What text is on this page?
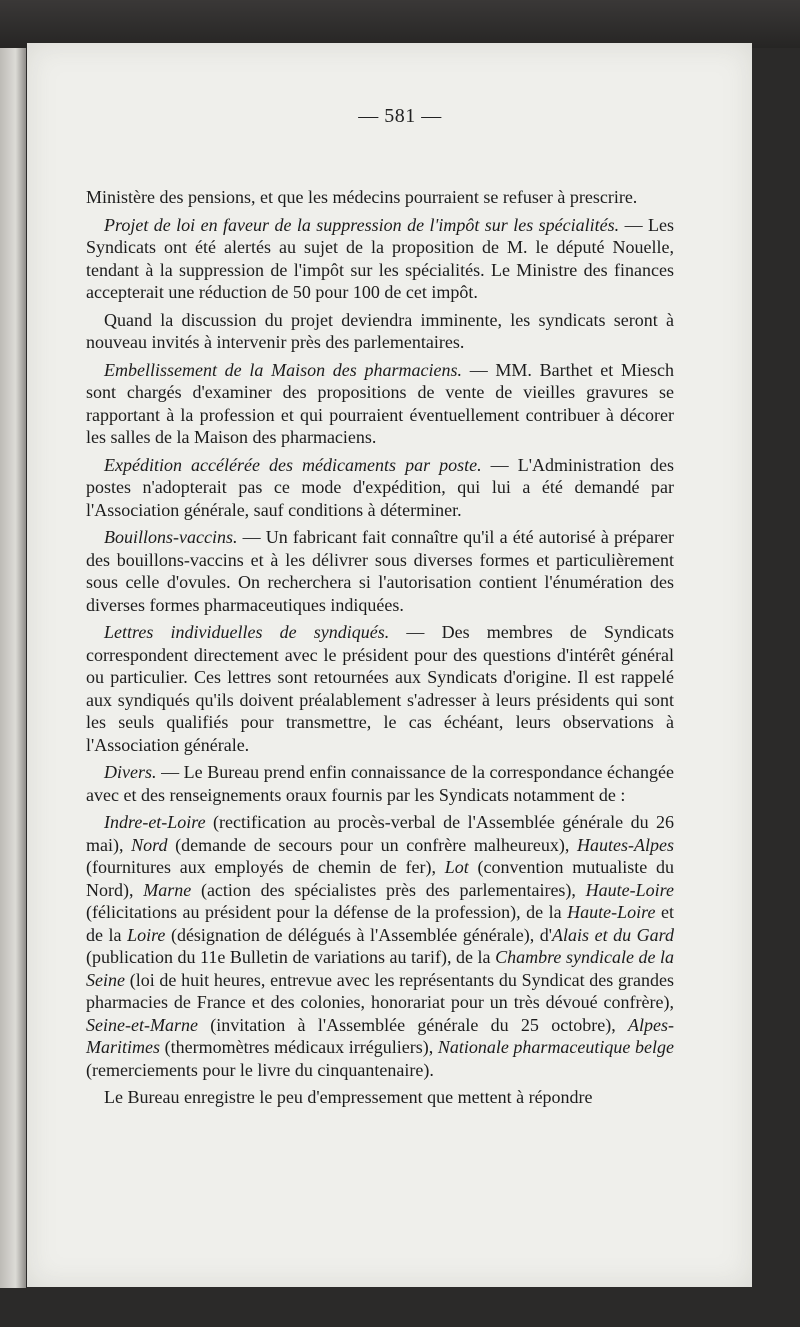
— 581 —

Ministère des pensions, et que les médecins pourraient se refuser à prescrire.

Projet de loi en faveur de la suppression de l'impôt sur les spécialités. — Les Syndicats ont été alertés au sujet de la proposition de M. le député Nouelle, tendant à la suppression de l'impôt sur les spécialités. Le Ministre des finances accepterait une réduction de 50 pour 100 de cet impôt.

Quand la discussion du projet deviendra imminente, les syndicats seront à nouveau invités à intervenir près des parlementaires.

Embellissement de la Maison des pharmaciens. — MM. Barthet et Miesch sont chargés d'examiner des propositions de vente de vieilles gravures se rapportant à la profession et qui pourraient éventuellement contribuer à décorer les salles de la Maison des pharmaciens.

Expédition accélérée des médicaments par poste. — L'Administration des postes n'adopterait pas ce mode d'expédition, qui lui a été demandé par l'Association générale, sauf conditions à déterminer.

Bouillons-vaccins. — Un fabricant fait connaître qu'il a été autorisé à préparer des bouillons-vaccins et à les délivrer sous diverses formes et particulièrement sous celle d'ovules. On recherchera si l'autorisation contient l'énumération des diverses formes pharmaceutiques indiquées.

Lettres individuelles de syndiqués. — Des membres de Syndicats correspondent directement avec le président pour des questions d'intérêt général ou particulier. Ces lettres sont retournées aux Syndicats d'origine. Il est rappelé aux syndiqués qu'ils doivent préalablement s'adresser à leurs présidents qui sont les seuls qualifiés pour transmettre, le cas échéant, leurs observations à l'Association générale.

Divers. — Le Bureau prend enfin connaissance de la correspondance échangée avec et des renseignements oraux fournis par les Syndicats notamment de :

Indre-et-Loire (rectification au procès-verbal de l'Assemblée générale du 26 mai), Nord (demande de secours pour un confrère malheureux), Hautes-Alpes (fournitures aux employés de chemin de fer), Lot (convention mutualiste du Nord), Marne (action des spécialistes près des parlementaires), Haute-Loire (félicitations au président pour la défense de la profession), de la Haute-Loire et de la Loire (désignation de délégués à l'Assemblée générale), d'Alais et du Gard (publication du 11e Bulletin de variations au tarif), de la Chambre syndicale de la Seine (loi de huit heures, entrevue avec les représentants du Syndicat des grandes pharmacies de France et des colonies, honorariat pour un très dévoué confrère), Seine-et-Marne (invitation à l'Assemblée générale du 25 octobre), Alpes-Maritimes (thermomètres médicaux irréguliers), Nationale pharmaceutique belge (remerciements pour le livre du cinquantenaire).

Le Bureau enregistre le peu d'empressement que mettent à répondre
